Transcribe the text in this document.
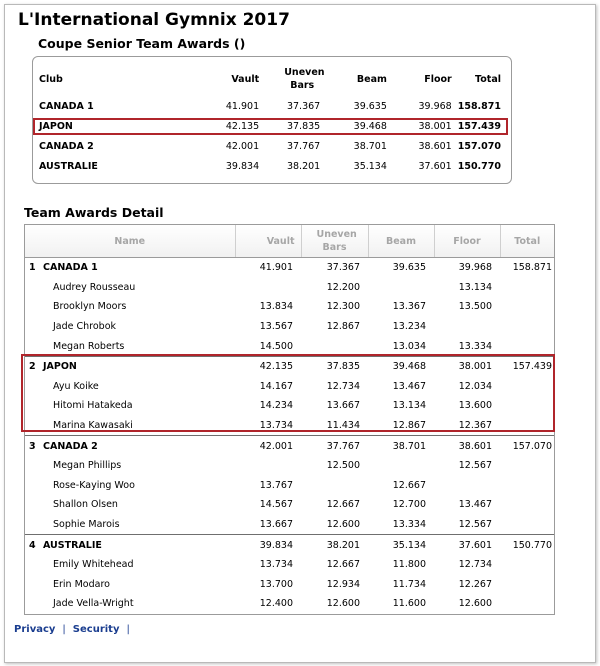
L'International Gymnix 2017
Coupe Senior Team Awards ()
Club	Vault	Uneven Bars	Beam	Floor	Total
CANADA 1	41.901	37.367	39.635	39.968	158.871
JAPON	42.135	37.835	39.468	38.001	157.439
CANADA 2	42.001	37.767	38.701	38.601	157.070
AUSTRALIE	39.834	38.201	35.134	37.601	150.770
Team Awards Detail
Name	Vault	Uneven Bars	Beam	Floor	Total
1 CANADA 1	41.901	37.367	39.635	39.968	158.871
Audrey Rousseau		12.200		13.134	
Brooklyn Moors	13.834	12.300	13.367	13.500	
Jade Chrobok	13.567	12.867	13.234		
Megan Roberts	14.500		13.034	13.334	
2 JAPON	42.135	37.835	39.468	38.001	157.439
Ayu Koike	14.167	12.734	13.467	12.034	
Hitomi Hatakeda	14.234	13.667	13.134	13.600	
Marina Kawasaki	13.734	11.434	12.867	12.367	
3 CANADA 2	42.001	37.767	38.701	38.601	157.070
Megan Phillips		12.500		12.567	
Rose-Kaying Woo	13.767		12.667		
Shallon Olsen	14.567	12.667	12.700	13.467	
Sophie Marois	13.667	12.600	13.334	12.567	
4 AUSTRALIE	39.834	38.201	35.134	37.601	150.770
Emily Whitehead	13.734	12.667	11.800	12.734	
Erin Modaro	13.700	12.934	11.734	12.267	
Jade Vella-Wright	12.400	12.600	11.600	12.600	
Privacy | Security |
